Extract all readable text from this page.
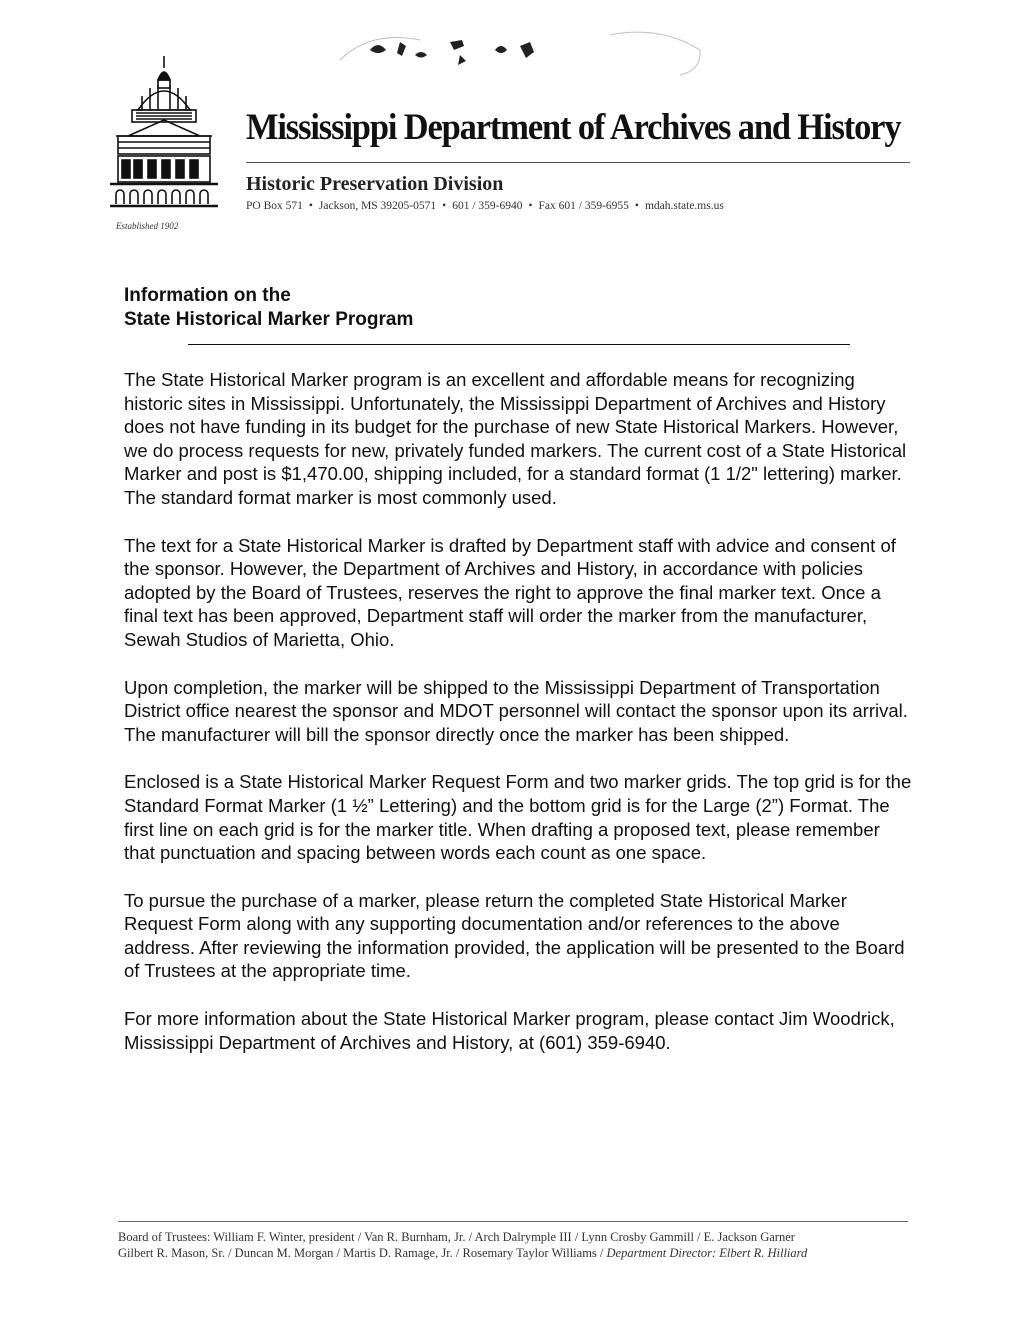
Established 1902
Mississippi Department of Archives and History
Historic Preservation Division
PO Box 571 • Jackson, MS 39205-0571 • 601 / 359-6940 • Fax 601 / 359-6955 • mdah.state.ms.us
Information on the
State Historical Marker Program

The State Historical Marker program is an excellent and affordable means for recognizing historic sites in Mississippi. Unfortunately, the Mississippi Department of Archives and History does not have funding in its budget for the purchase of new State Historical Markers. However, we do process requests for new, privately funded markers. The current cost of a State Historical Marker and post is $1,470.00, shipping included, for a standard format (1 1/2" lettering) marker. The standard format marker is most commonly used.

The text for a State Historical Marker is drafted by Department staff with advice and consent of the sponsor. However, the Department of Archives and History, in accordance with policies adopted by the Board of Trustees, reserves the right to approve the final marker text. Once a final text has been approved, Department staff will order the marker from the manufacturer, Sewah Studios of Marietta, Ohio.

Upon completion, the marker will be shipped to the Mississippi Department of Transportation District office nearest the sponsor and MDOT personnel will contact the sponsor upon its arrival. The manufacturer will bill the sponsor directly once the marker has been shipped.

Enclosed is a State Historical Marker Request Form and two marker grids. The top grid is for the Standard Format Marker (1 ½” Lettering) and the bottom grid is for the Large (2”) Format. The first line on each grid is for the marker title. When drafting a proposed text, please remember that punctuation and spacing between words each count as one space.

To pursue the purchase of a marker, please return the completed State Historical Marker Request Form along with any supporting documentation and/or references to the above address. After reviewing the information provided, the application will be presented to the Board of Trustees at the appropriate time.

For more information about the State Historical Marker program, please contact Jim Woodrick, Mississippi Department of Archives and History, at (601) 359-6940.

Board of Trustees: William F. Winter, president / Van R. Burnham, Jr. / Arch Dalrymple III / Lynn Crosby Gammill / E. Jackson Garner
Gilbert R. Mason, Sr. / Duncan M. Morgan / Martis D. Ramage, Jr. / Rosemary Taylor Williams / Department Director: Elbert R. Hilliard
